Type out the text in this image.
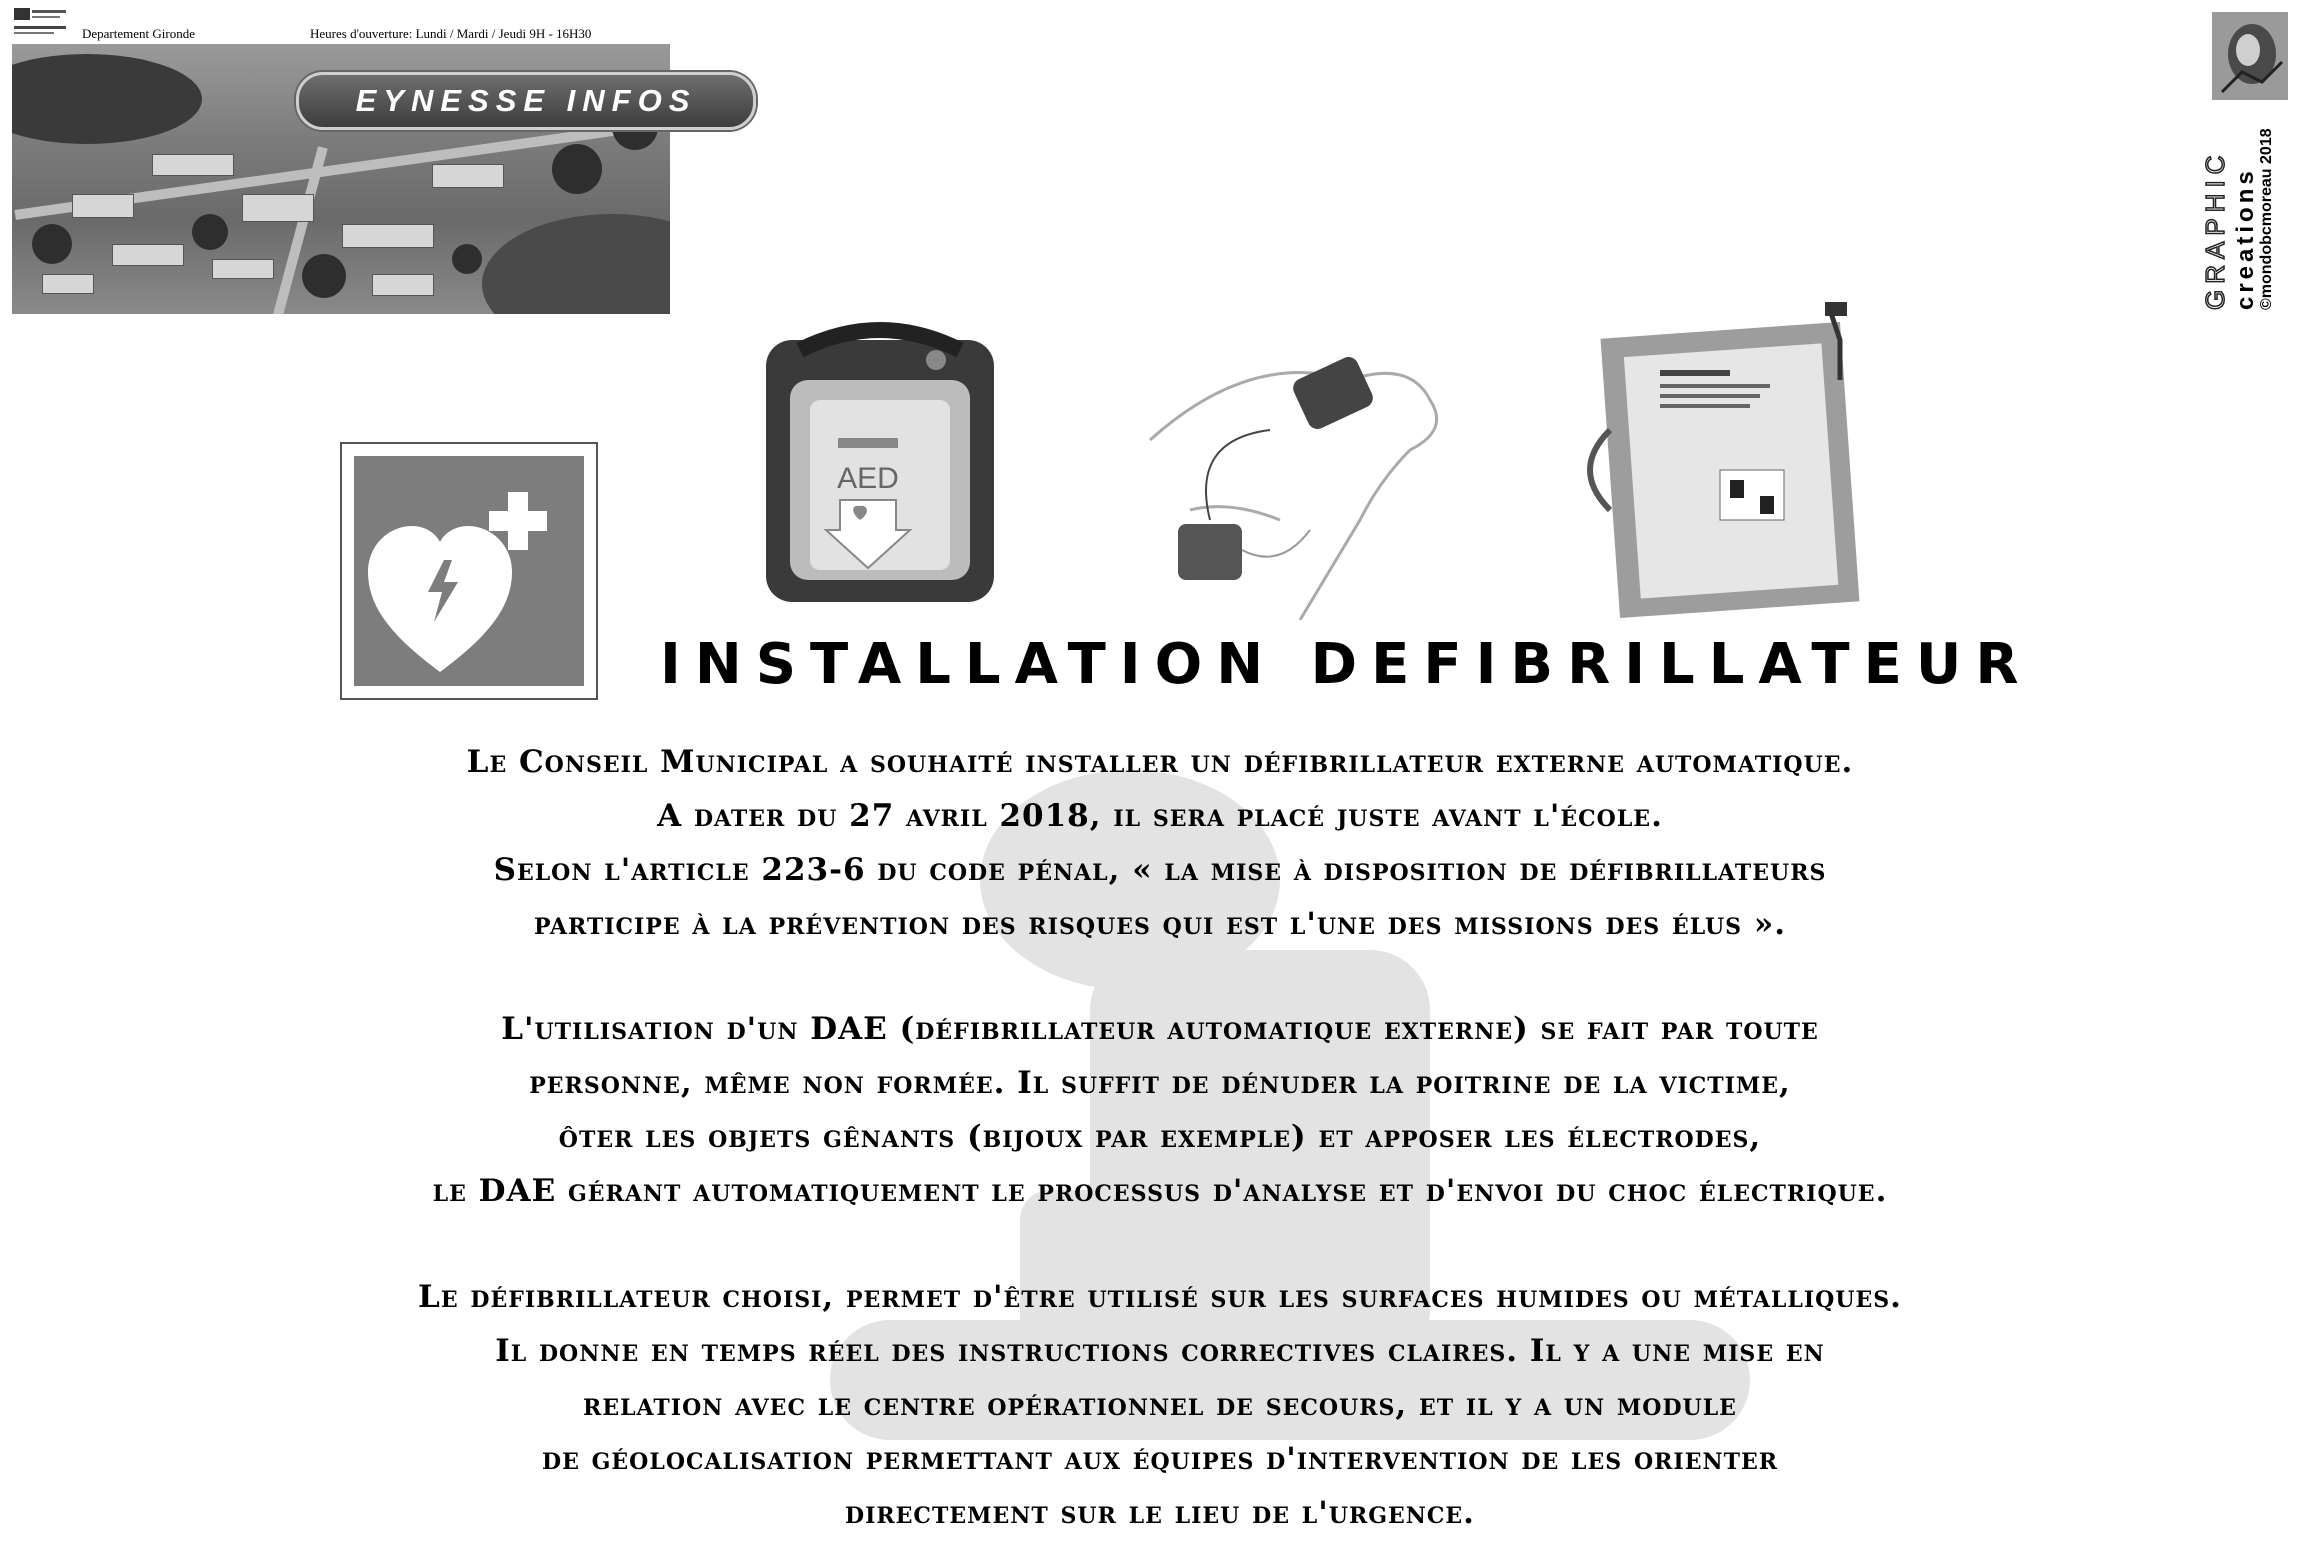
Departement Gironde	Heures d'ouverture: Lundi / Mardi / Jeudi 9H - 16H30
EYNESSE INFOS
GRAPHIC creations ©mondobcmoreau 2018
AED
INSTALLATION DEFIBRILLATEUR
Le Conseil Municipal a souhaité installer un défibrillateur externe automatique.
A dater du 27 avril 2018, il sera placé juste avant l'école.
Selon l'article 223-6 du code pénal, « la mise à disposition de défibrillateurs
participe à la prévention des risques qui est l'une des missions des élus ».
L'utilisation d'un DAE (défibrillateur automatique externe) se fait par toute
personne, même non formée. Il suffit de dénuder la poitrine de la victime,
ôter les objets gênants (bijoux par exemple) et apposer les électrodes,
le DAE gérant automatiquement le processus d'analyse et d'envoi du choc électrique.
Le défibrillateur choisi, permet d'être utilisé sur les surfaces humides ou métalliques.
Il donne en temps réel des instructions correctives claires. Il y a une mise en
relation avec le centre opérationnel de secours, et il y a un module
de géolocalisation permettant aux équipes d'intervention de les orienter
directement sur le lieu de l'urgence.
